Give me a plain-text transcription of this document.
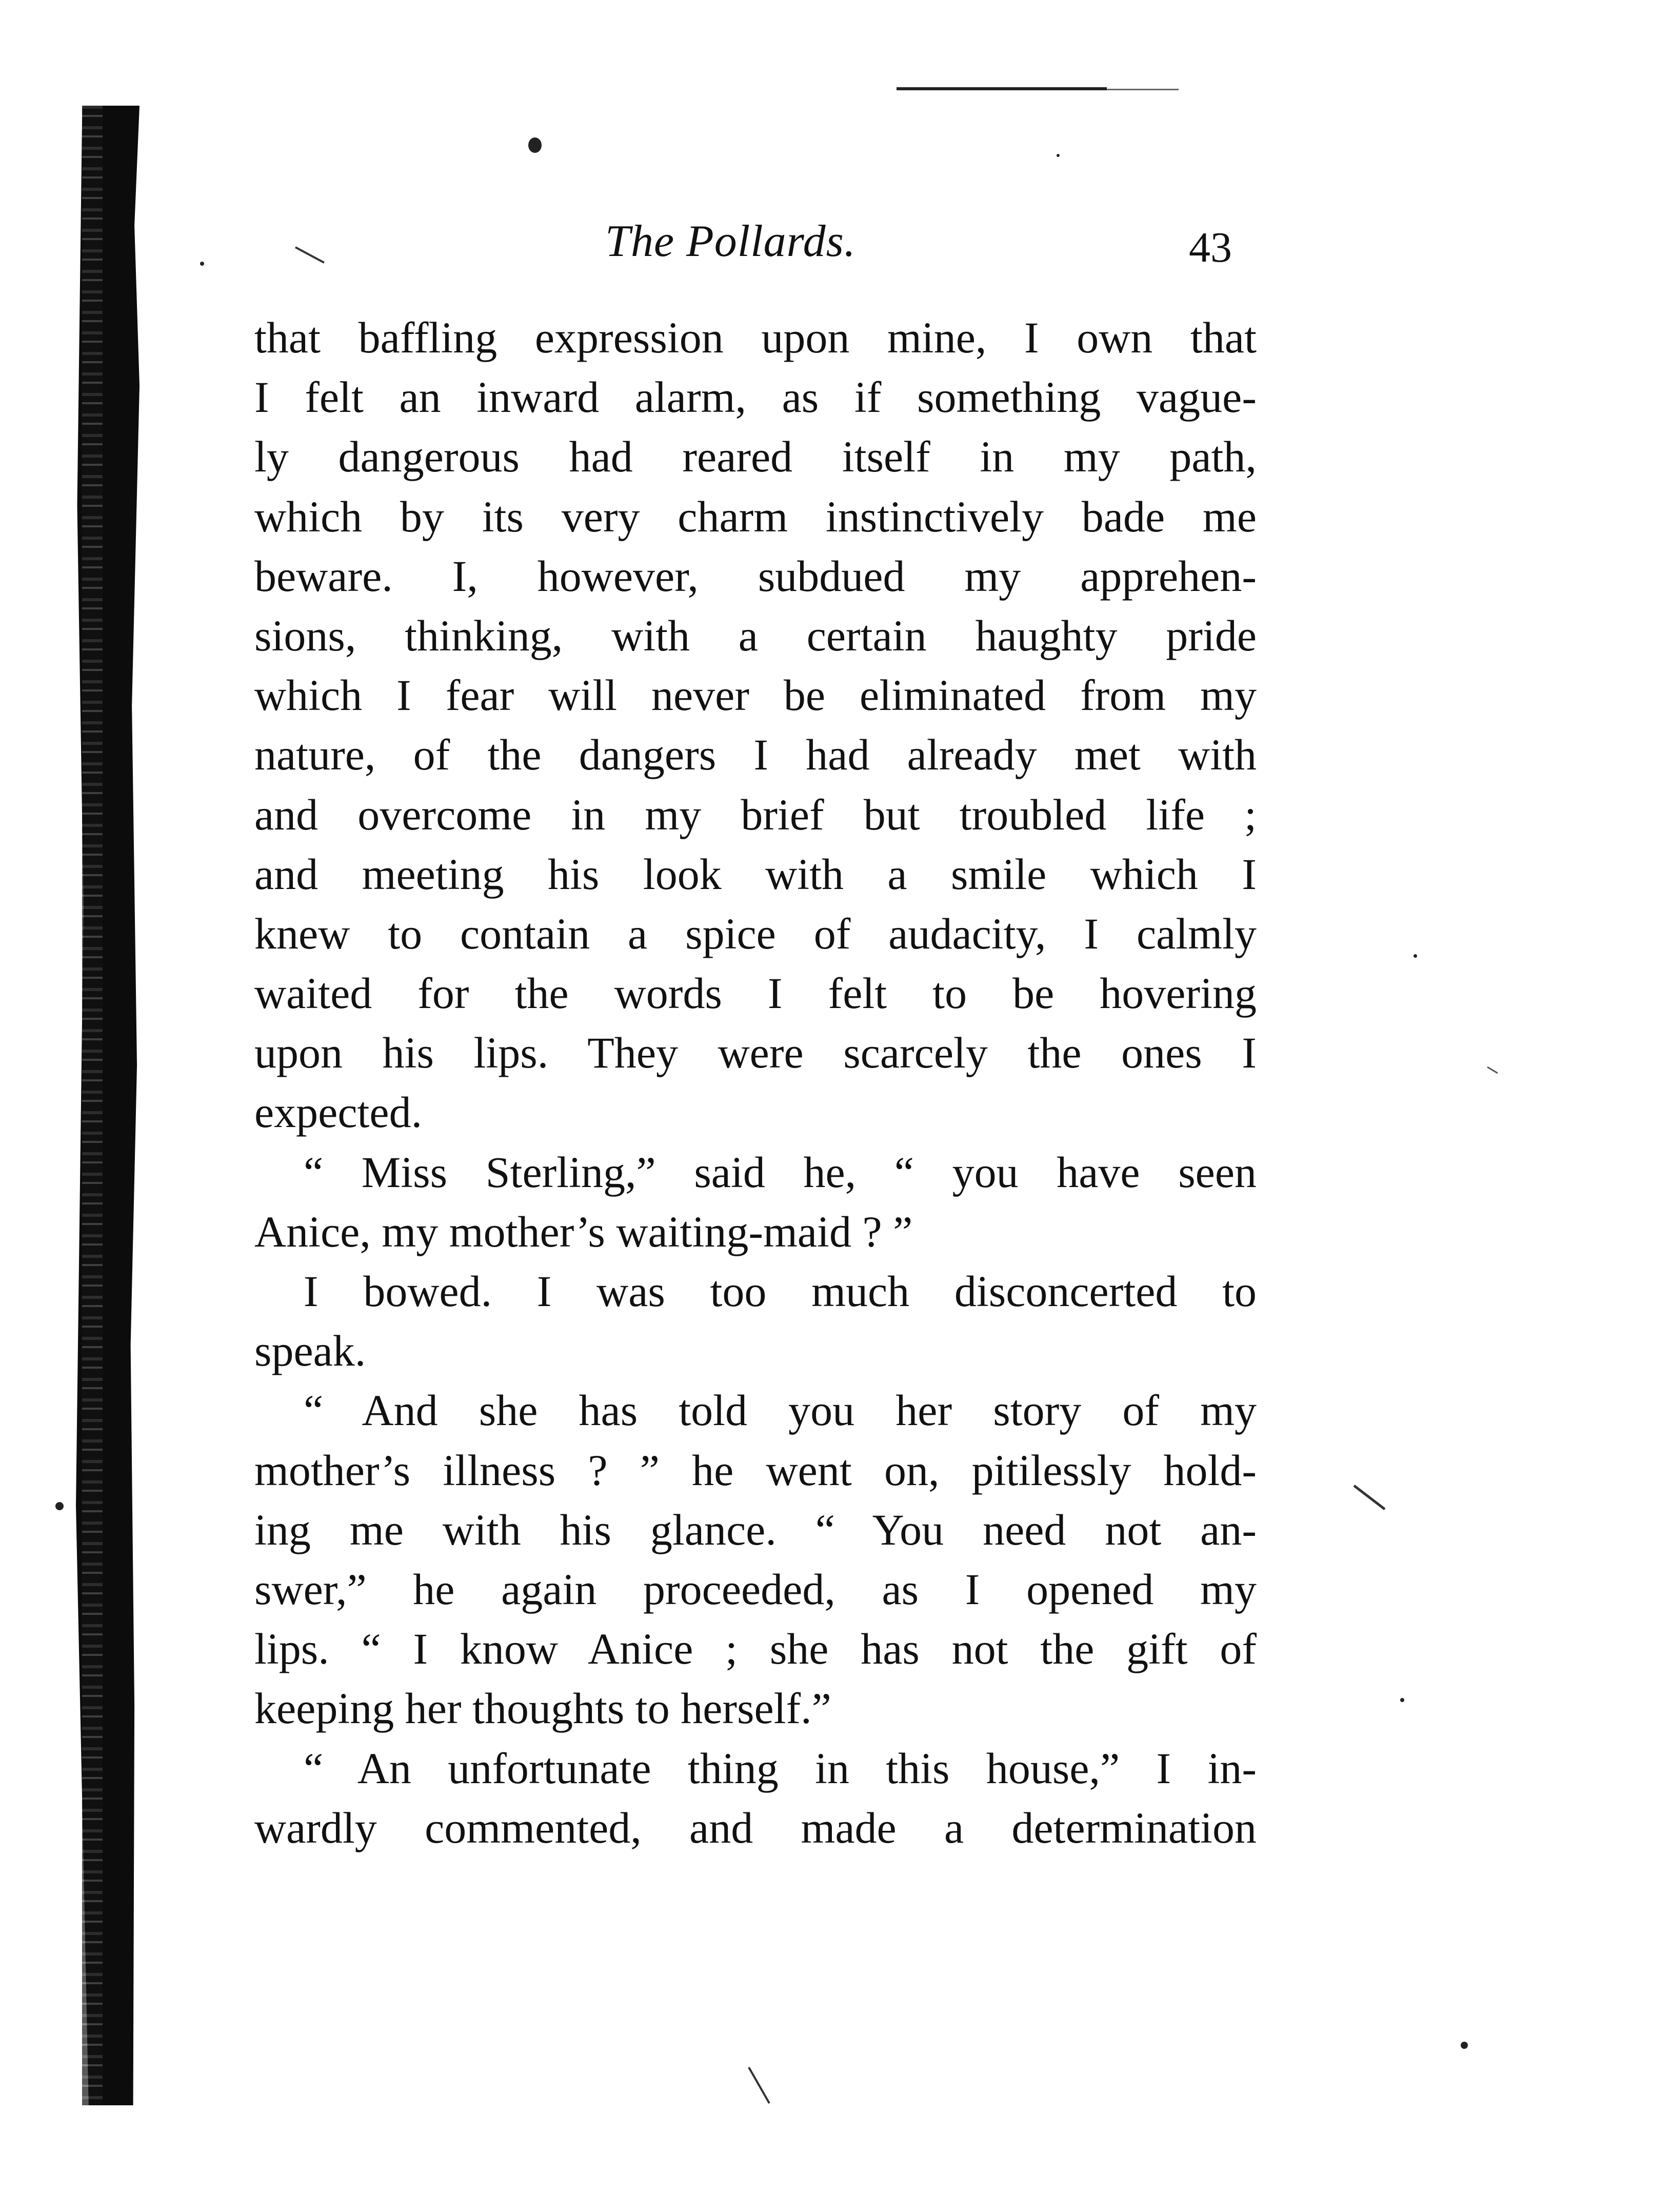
The Pollards.	43
that baffling expression upon mine, I own that
I felt an inward alarm, as if something vague-
ly dangerous had reared itself in my path,
which by its very charm instinctively bade me
beware. I, however, subdued my apprehen-
sions, thinking, with a certain haughty pride
which I fear will never be eliminated from my
nature, of the dangers I had already met with
and overcome in my brief but troubled life ;
and meeting his look with a smile which I
knew to contain a spice of audacity, I calmly
waited for the words I felt to be hovering
upon his lips. They were scarcely the ones I
expected.
“ Miss Sterling,” said he, “ you have seen
Anice, my mother’s waiting-maid ? ”
I bowed. I was too much disconcerted to
speak.
“ And she has told you her story of my
mother’s illness ? ” he went on, pitilessly hold-
ing me with his glance. “ You need not an-
swer,” he again proceeded, as I opened my
lips. “ I know Anice ; she has not the gift of
keeping her thoughts to herself.”
“ An unfortunate thing in this house,” I in-
wardly commented, and made a determination
